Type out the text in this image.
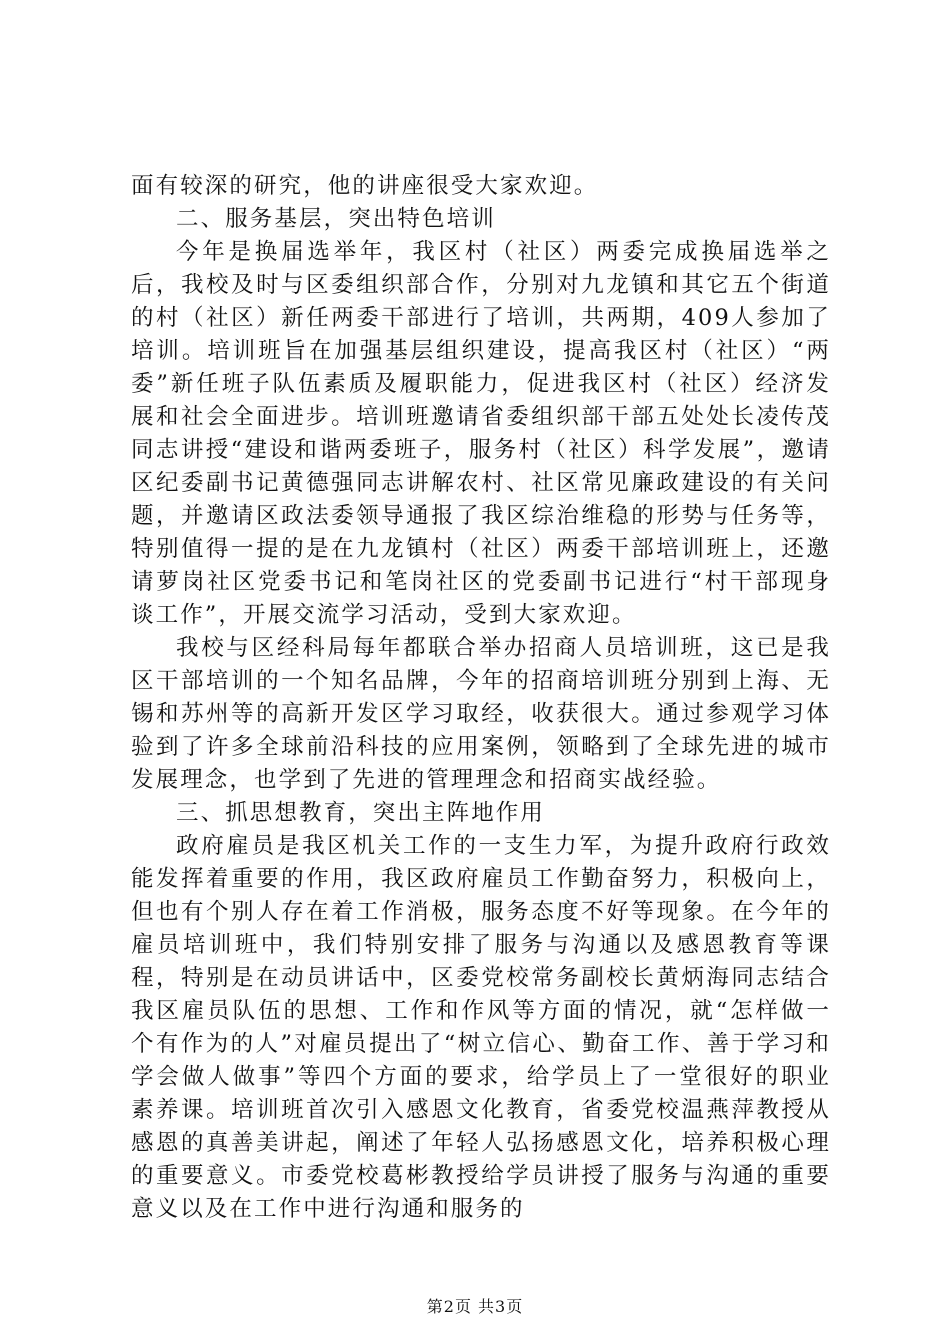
面有较深的研究，他的讲座很受大家欢迎。

二、服务基层，突出特色培训

今年是换届选举年，我区村（社区）两委完成换届选举之后，我校及时与区委组织部合作，分别对九龙镇和其它五个街道的村（社区）新任两委干部进行了培训，共两期，409人参加了培训。培训班旨在加强基层组织建设，提高我区村（社区）“两委”新任班子队伍素质及履职能力，促进我区村（社区）经济发展和社会全面进步。培训班邀请省委组织部干部五处处长凌传茂同志讲授“建设和谐两委班子，服务村（社区）科学发展”，邀请区纪委副书记黄德强同志讲解农村、社区常见廉政建设的有关问题，并邀请区政法委领导通报了我区综治维稳的形势与任务等，特别值得一提的是在九龙镇村（社区）两委干部培训班上，还邀请萝岗社区党委书记和笔岗社区的党委副书记进行“村干部现身谈工作”，开展交流学习活动，受到大家欢迎。

我校与区经科局每年都联合举办招商人员培训班，这已是我区干部培训的一个知名品牌，今年的招商培训班分别到上海、无锡和苏州等的高新开发区学习取经，收获很大。通过参观学习体验到了许多全球前沿科技的应用案例，领略到了全球先进的城市发展理念，也学到了先进的管理理念和招商实战经验。

三、抓思想教育，突出主阵地作用

政府雇员是我区机关工作的一支生力军，为提升政府行政效能发挥着重要的作用，我区政府雇员工作勤奋努力，积极向上，但也有个别人存在着工作消极，服务态度不好等现象。在今年的雇员培训班中，我们特别安排了服务与沟通以及感恩教育等课程，特别是在动员讲话中，区委党校常务副校长黄炳海同志结合我区雇员队伍的思想、工作和作风等方面的情况，就“怎样做一个有作为的人”对雇员提出了“树立信心、勤奋工作、善于学习和学会做人做事”等四个方面的要求，给学员上了一堂很好的职业素养课。培训班首次引入感恩文化教育，省委党校温燕萍教授从感恩的真善美讲起，阐述了年轻人弘扬感恩文化，培养积极心理的重要意义。市委党校葛彬教授给学员讲授了服务与沟通的重要意义以及在工作中进行沟通和服务的

第2页 共3页
